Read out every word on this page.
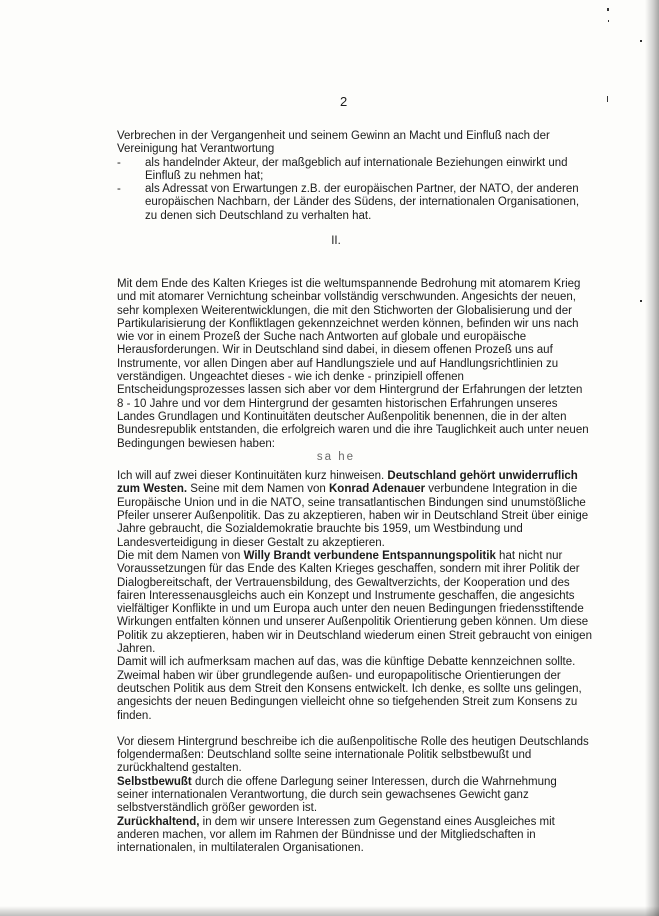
2
Verbrechen in der Vergangenheit und seinem Gewinn an Macht und Einfluß nach der
Vereinigung hat Verantwortung
- als handelnder Akteur, der maßgeblich auf internationale Beziehungen einwirkt und
Einfluß zu nehmen hat;
- als Adressat von Erwartungen z.B. der europäischen Partner, der NATO, der anderen
europäischen Nachbarn, der Länder des Südens, der internationalen Organisationen,
zu denen sich Deutschland zu verhalten hat.
II.
Mit dem Ende des Kalten Krieges ist die weltumspannende Bedrohung mit atomarem Krieg
und mit atomarer Vernichtung scheinbar vollständig verschwunden. Angesichts der neuen,
sehr komplexen Weiterentwicklungen, die mit den Stichworten der Globalisierung und der
Partikularisierung der Konfliktlagen gekennzeichnet werden können, befinden wir uns nach
wie vor in einem Prozeß der Suche nach Antworten auf globale und europäische
Herausforderungen. Wir in Deutschland sind dabei, in diesem offenen Prozeß uns auf
Instrumente, vor allen Dingen aber auf Handlungsziele und auf Handlungsrichtlinien zu
verständigen. Ungeachtet dieses - wie ich denke - prinzipiell offenen
Entscheidungsprozesses lassen sich aber vor dem Hintergrund der Erfahrungen der letzten
8 - 10 Jahre und vor dem Hintergrund der gesamten historischen Erfahrungen unseres
Landes Grundlagen und Kontinuitäten deutscher Außenpolitik benennen, die in der alten
Bundesrepublik entstanden, die erfolgreich waren und die ihre Tauglichkeit auch unter neuen
Bedingungen bewiesen haben:
sa he
Ich will auf zwei dieser Kontinuitäten kurz hinweisen. Deutschland gehört unwiderruflich
zum Westen. Seine mit dem Namen von Konrad Adenauer verbundene Integration in die
Europäische Union und in die NATO, seine transatlantischen Bindungen sind unumstößliche
Pfeiler unserer Außenpolitik. Das zu akzeptieren, haben wir in Deutschland Streit über einige
Jahre gebraucht, die Sozialdemokratie brauchte bis 1959, um Westbindung und
Landesverteidigung in dieser Gestalt zu akzeptieren.
Die mit dem Namen von Willy Brandt verbundene Entspannungspolitik hat nicht nur
Voraussetzungen für das Ende des Kalten Krieges geschaffen, sondern mit ihrer Politik der
Dialogbereitschaft, der Vertrauensbildung, des Gewaltverzichts, der Kooperation und des
fairen Interessenausgleichs auch ein Konzept und Instrumente geschaffen, die angesichts
vielfältiger Konflikte in und um Europa auch unter den neuen Bedingungen friedensstiftende
Wirkungen entfalten können und unserer Außenpolitik Orientierung geben können. Um diese
Politik zu akzeptieren, haben wir in Deutschland wiederum einen Streit gebraucht von einigen
Jahren.
Damit will ich aufmerksam machen auf das, was die künftige Debatte kennzeichnen sollte.
Zweimal haben wir über grundlegende außen- und europapolitische Orientierungen der
deutschen Politik aus dem Streit den Konsens entwickelt. Ich denke, es sollte uns gelingen,
angesichts der neuen Bedingungen vielleicht ohne so tiefgehenden Streit zum Konsens zu
finden.
Vor diesem Hintergrund beschreibe ich die außenpolitische Rolle des heutigen Deutschlands
folgendermaßen: Deutschland sollte seine internationale Politik selbstbewußt und
zurückhaltend gestalten.
Selbstbewußt durch die offene Darlegung seiner Interessen, durch die Wahrnehmung
seiner internationalen Verantwortung, die durch sein gewachsenes Gewicht ganz
selbstverständlich größer geworden ist.
Zurückhaltend, in dem wir unsere Interessen zum Gegenstand eines Ausgleiches mit
anderen machen, vor allem im Rahmen der Bündnisse und der Mitgliedschaften in
internationalen, in multilateralen Organisationen.
